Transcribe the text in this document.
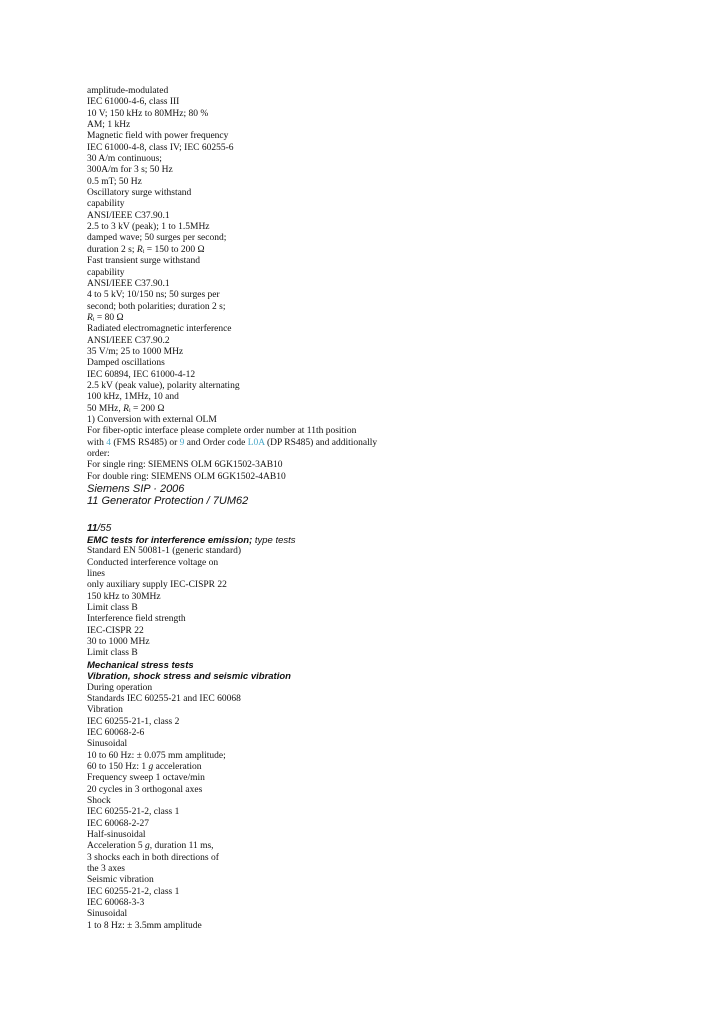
amplitude-modulated
IEC 61000-4-6, class III
10 V; 150 kHz to 80MHz; 80 %
AM; 1 kHz
Magnetic field with power frequency
IEC 61000-4-8, class IV; IEC 60255-6
30 A/m continuous;
300A/m for 3 s; 50 Hz
0.5 mT; 50 Hz
Oscillatory surge withstand
capability
ANSI/IEEE C37.90.1
2.5 to 3 kV (peak); 1 to 1.5MHz
damped wave; 50 surges per second;
duration 2 s; $R_i = 150$ to 200 Ω
Fast transient surge withstand
capability
ANSI/IEEE C37.90.1
4 to 5 kV; 10/150 ns; 50 surges per
second; both polarities; duration 2 s;
$R_i = 80$ Ω
Radiated electromagnetic interference
ANSI/IEEE C37.90.2
35 V/m; 25 to 1000 MHz
Damped oscillations
IEC 60894, IEC 61000-4-12
2.5 kV (peak value), polarity alternating
100 kHz, 1MHz, 10 and
50 MHz, $R_i = 200$ Ω
1) Conversion with external OLM
For fiber-optic interface please complete order number at 11th position
with 4 (FMS RS485) or 9 and Order code L0A (DP RS485) and additionally
order:
For single ring: SIEMENS OLM 6GK1502-3AB10
For double ring: SIEMENS OLM 6GK1502-4AB10
Siemens SIP · 2006
11 Generator Protection / 7UM62
11/55
EMC tests for interference emission; type tests
Standard EN 50081-1 (generic standard)
Conducted interference voltage on
lines
only auxiliary supply IEC-CISPR 22
150 kHz to 30MHz
Limit class B
Interference field strength
IEC-CISPR 22
30 to 1000 MHz
Limit class B
Mechanical stress tests
Vibration, shock stress and seismic vibration
During operation
Standards IEC 60255-21 and IEC 60068
Vibration
IEC 60255-21-1, class 2
IEC 60068-2-6
Sinusoidal
10 to 60 Hz: ± 0.075 mm amplitude;
60 to 150 Hz: 1 g acceleration
Frequency sweep 1 octave/min
20 cycles in 3 orthogonal axes
Shock
IEC 60255-21-2, class 1
IEC 60068-2-27
Half-sinusoidal
Acceleration 5 g, duration 11 ms,
3 shocks each in both directions of
the 3 axes
Seismic vibration
IEC 60255-21-2, class 1
IEC 60068-3-3
Sinusoidal
1 to 8 Hz: ± 3.5mm amplitude
